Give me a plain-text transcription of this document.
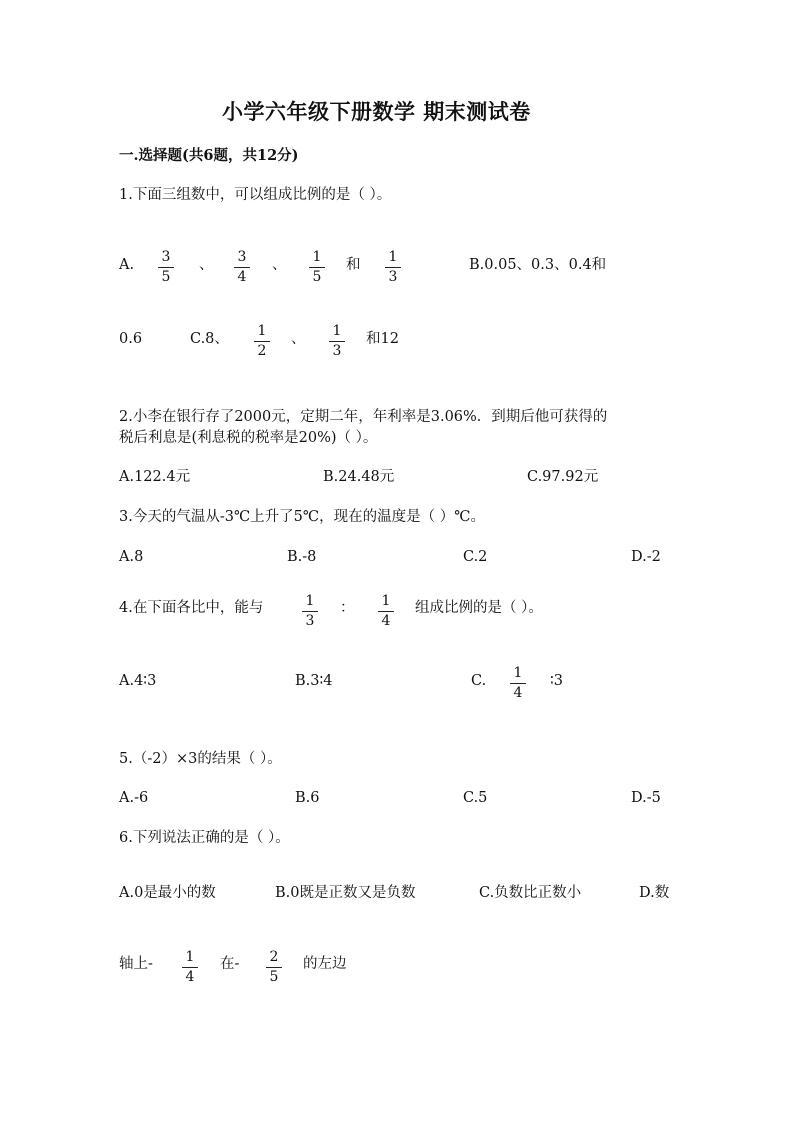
小学六年级下册数学 期末测试卷
一.选择题(共6题，共12分)
1.下面三组数中，可以组成比例的是（ ）。
A.	3
5
、	3
4
、	1
5
和	1
3
B.0.05、0.3、0.4和
0.6	C.8、	1
2
、	1
3
和12
2.小李在银行存了2000元，定期二年，年利率是3.06%．到期后他可获得的
税后利息是(利息税的税率是20%)（ ）。
A.122.4元	B.24.48元	C.97.92元
3.今天的气温从-3℃上升了5℃，现在的温度是（ ）℃。
A.8	B.-8	C.2	D.-2
4.在下面各比中，能与	1
3
：	1
4
组成比例的是（ ）。
A.4∶3	B.3∶4	C.	1
4
∶3
5.（-2）×3的结果（ ）。
A.-6	B.6	C.5	D.-5
6.下列说法正确的是（ ）。
A.0是最小的数	B.0既是正数又是负数	C.负数比正数小	D.数
轴上-	1
4
在-	2
5
的左边
